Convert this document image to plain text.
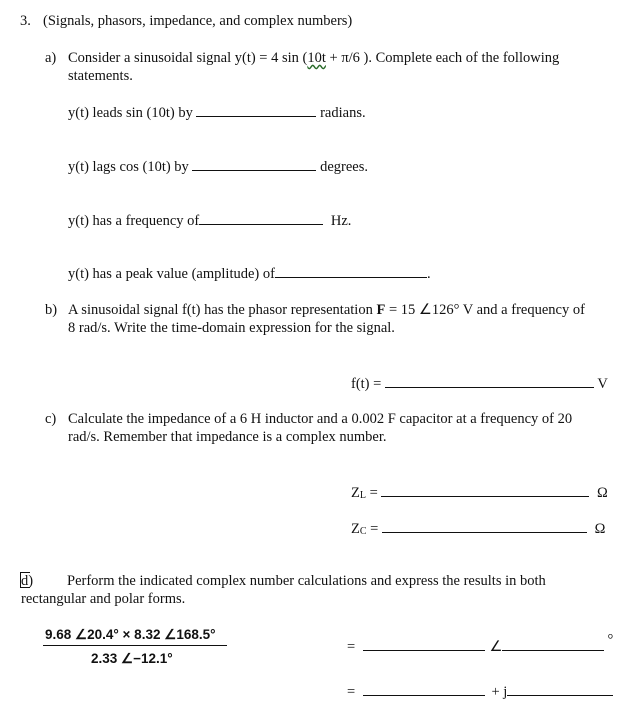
3. (Signals, phasors, impedance, and complex numbers)
a) Consider a sinusoidal signal y(t) = 4 sin (10t + π/6 ). Complete each of the following
statements.
y(t) leads sin (10t) by	radians.
y(t) lags cos (10t) by	degrees.
y(t) has a frequency of	Hz.
y(t) has a peak value (amplitude) of	.
b) A sinusoidal signal f(t) has the phasor representation F = 15 ∠126° V and a frequency of
8 rad/s. Write the time-domain expression for the signal.
f(t) =	V
c) Calculate the impedance of a 6 H inductor and a 0.002 F capacitor at a frequency of 20
rad/s. Remember that impedance is a complex number.
ZL =	Ω
ZC =	Ω
d) Perform the indicated complex number calculations and express the results in both
rectangular and polar forms.
9.68 ∠20.4° × 8.32 ∠168.5°
2.33 ∠−12.1°
=	∠	°
=	+ j
